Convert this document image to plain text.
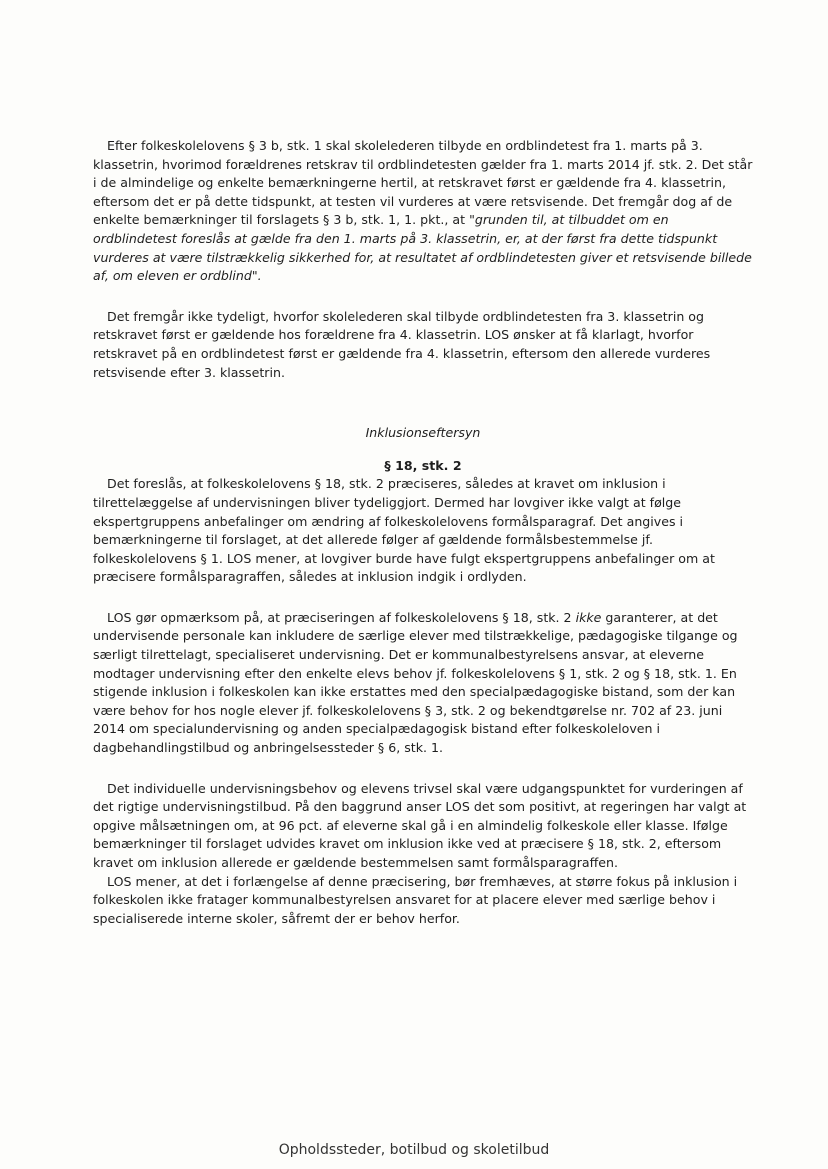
Efter folkeskolelovens § 3 b, stk. 1 skal skolelederen tilbyde en ordblindetest fra 1. marts på 3. klassetrin, hvorimod forældrenes retskrav til ordblindetesten gælder fra 1. marts 2014 jf. stk. 2. Det står i de almindelige og enkelte bemærkningerne hertil, at retskravet først er gældende fra 4. klassetrin, eftersom det er på dette tidspunkt, at testen vil vurderes at være retsvisende. Det fremgår dog af de enkelte bemærkninger til forslagets § 3 b, stk. 1, 1. pkt., at "grunden til, at tilbuddet om en ordblindetest foreslås at gælde fra den 1. marts på 3. klassetrin, er, at der først fra dette tidspunkt vurderes at være tilstrækkelig sikkerhed for, at resultatet af ordblindetesten giver et retsvisende billede af, om eleven er ordblind".

Det fremgår ikke tydeligt, hvorfor skolelederen skal tilbyde ordblindetesten fra 3. klassetrin og retskravet først er gældende hos forældrene fra 4. klassetrin. LOS ønsker at få klarlagt, hvorfor retskravet på en ordblindetest først er gældende fra 4. klassetrin, eftersom den allerede vurderes retsvisende efter 3. klassetrin.

Inklusionseftersyn

§ 18, stk. 2

Det foreslås, at folkeskolelovens § 18, stk. 2 præciseres, således at kravet om inklusion i tilrettelæggelse af undervisningen bliver tydeliggjort. Dermed har lovgiver ikke valgt at følge ekspertgruppens anbefalinger om ændring af folkeskolelovens formålsparagraf. Det angives i bemærkningerne til forslaget, at det allerede følger af gældende formålsbestemmelse jf. folkeskolelovens § 1. LOS mener, at lovgiver burde have fulgt ekspertgruppens anbefalinger om at præcisere formålsparagraffen, således at inklusion indgik i ordlyden.

LOS gør opmærksom på, at præciseringen af folkeskolelovens § 18, stk. 2 ikke garanterer, at det undervisende personale kan inkludere de særlige elever med tilstrækkelige, pædagogiske tilgange og særligt tilrettelagt, specialiseret undervisning. Det er kommunalbestyrelsens ansvar, at eleverne modtager undervisning efter den enkelte elevs behov jf. folkeskolelovens § 1, stk. 2 og § 18, stk. 1. En stigende inklusion i folkeskolen kan ikke erstattes med den specialpædagogiske bistand, som der kan være behov for hos nogle elever jf. folkeskolelovens § 3, stk. 2 og bekendtgørelse nr. 702 af 23. juni 2014 om specialundervisning og anden specialpædagogisk bistand efter folkeskoleloven i dagbehandlingstilbud og anbringelsessteder § 6, stk. 1.

Det individuelle undervisningsbehov og elevens trivsel skal være udgangspunktet for vurderingen af det rigtige undervisningstilbud. På den baggrund anser LOS det som positivt, at regeringen har valgt at opgive målsætningen om, at 96 pct. af eleverne skal gå i en almindelig folkeskole eller klasse. Ifølge bemærkninger til forslaget udvides kravet om inklusion ikke ved at præcisere § 18, stk. 2, eftersom kravet om inklusion allerede er gældende bestemmelsen samt formålsparagraffen.

LOS mener, at det i forlængelse af denne præcisering, bør fremhæves, at større fokus på inklusion i folkeskolen ikke fratager kommunalbestyrelsen ansvaret for at placere elever med særlige behov i specialiserede interne skoler, såfremt der er behov herfor.

Opholdssteder, botilbud og skoletilbud
